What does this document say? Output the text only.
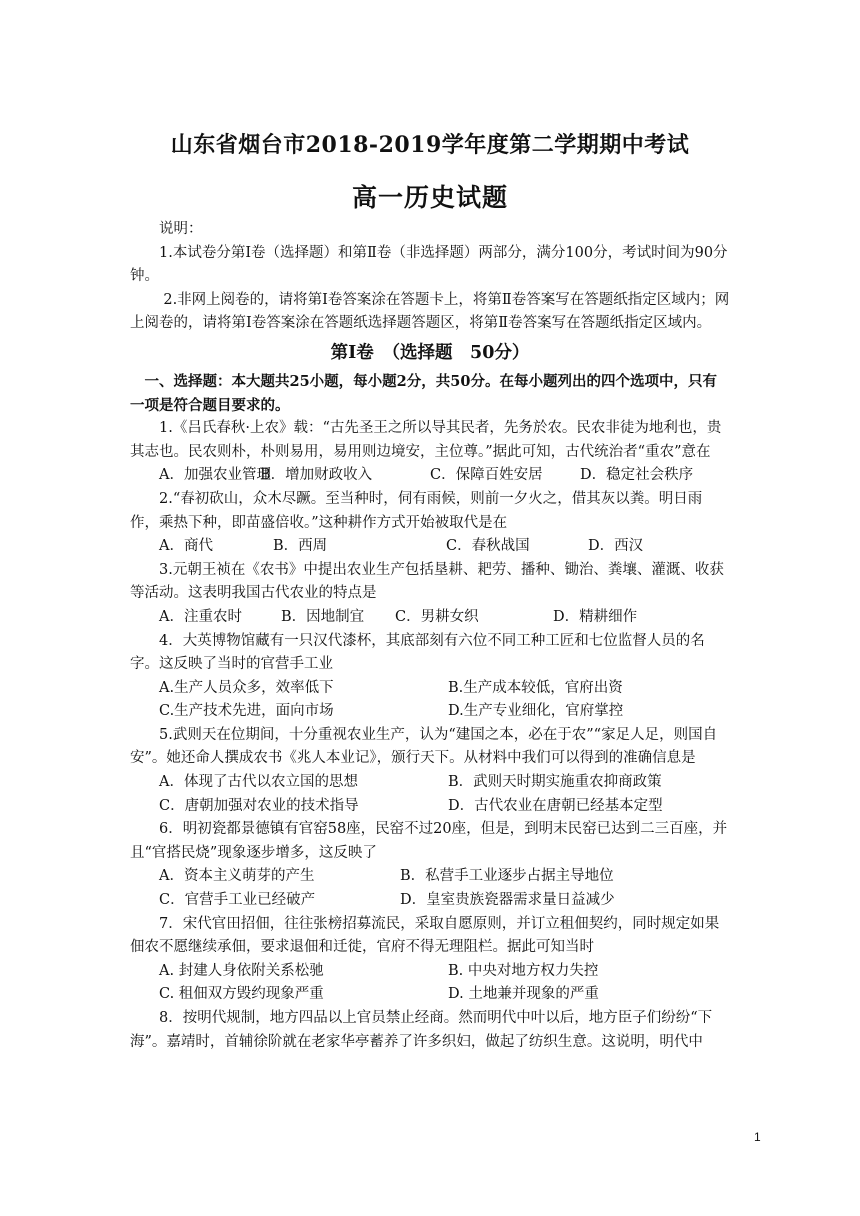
山东省烟台市2018-2019学年度第二学期期中考试
高一历史试题

说明：

1.本试卷分第Ⅰ卷（选择题）和第Ⅱ卷（非选择题）两部分，满分100分，考试时间为90分钟。

2.非网上阅卷的，请将第Ⅰ卷答案涂在答题卡上，将第Ⅱ卷答案写在答题纸指定区域内；网上阅卷的，请将第Ⅰ卷答案涂在答题纸选择题答题区，将第Ⅱ卷答案写在答题纸指定区域内。

第Ⅰ卷　（选择题　50分）

一、选择题：本大题共25小题，每小题2分，共50分。在每小题列出的四个选项中，只有一项是符合题目要求的。

1.《吕氏春秋·上农》载：“古先圣王之所以导其民者，先务於农。民农非徒为地利也，贵其志也。民农则朴，朴则易用，易用则边境安，主位尊。”据此可知，古代统治者“重农”意在

A．加强农业管理
B．增加财政收入	C．保障百姓安居	D．稳定社会秩序

2.“春初砍山，众木尽蹶。至当种时，伺有雨候，则前一夕火之，借其灰以粪。明日雨作，乘热下种，即苗盛倍收。”这种耕作方式开始被取代是在

A．商代	B．西周	C．春秋战国	D．西汉

3.元朝王祯在《农书》中提出农业生产包括垦耕、耙劳、播种、锄治、粪壤、灌溉、收获等活动。这表明我国古代农业的特点是

A．注重农时	B．因地制宜 C．男耕女织	D．精耕细作

4．大英博物馆藏有一只汉代漆杯，其底部刻有六位不同工种工匠和七位监督人员的名字。这反映了当时的官营手工业

A.生产人员众多，效率低下	B.生产成本较低，官府出资
C.生产技术先进，面向市场	D.生产专业细化，官府掌控

5.武则天在位期间，十分重视农业生产，认为“建国之本，必在于农”“家足人足，则国自安”。她还命人撰成农书《兆人本业记》，颁行天下。从材料中我们可以得到的准确信息是

A．体现了古代以农立国的思想	B．武则天时期实施重农抑商政策
C．唐朝加强对农业的技术指导	D．古代农业在唐朝已经基本定型

6．明初瓷都景德镇有官窑58座，民窑不过20座，但是，到明末民窑已达到二三百座，并且“官搭民烧”现象逐步增多，这反映了

A．资本主义萌芽的产生	B．私营手工业逐步占据主导地位
C．官营手工业已经破产	D．皇室贵族瓷器需求量日益减少

7．宋代官田招佃，往往张榜招募流民，采取自愿原则，并订立租佃契约，同时规定如果佃农不愿继续承佃，要求退佃和迁徙，官府不得无理阻栏。据此可知当时

A. 封建人身依附关系松驰	B. 中央对地方权力失控
C. 租佃双方毁约现象严重	D. 土地兼并现象的严重

8．按明代规制，地方四品以上官员禁止经商。然而明代中叶以后，地方臣子们纷纷“下海”。嘉靖时，首辅徐阶就在老家华亭蓄养了许多织妇，做起了纺织生意。这说明，明代中

1
